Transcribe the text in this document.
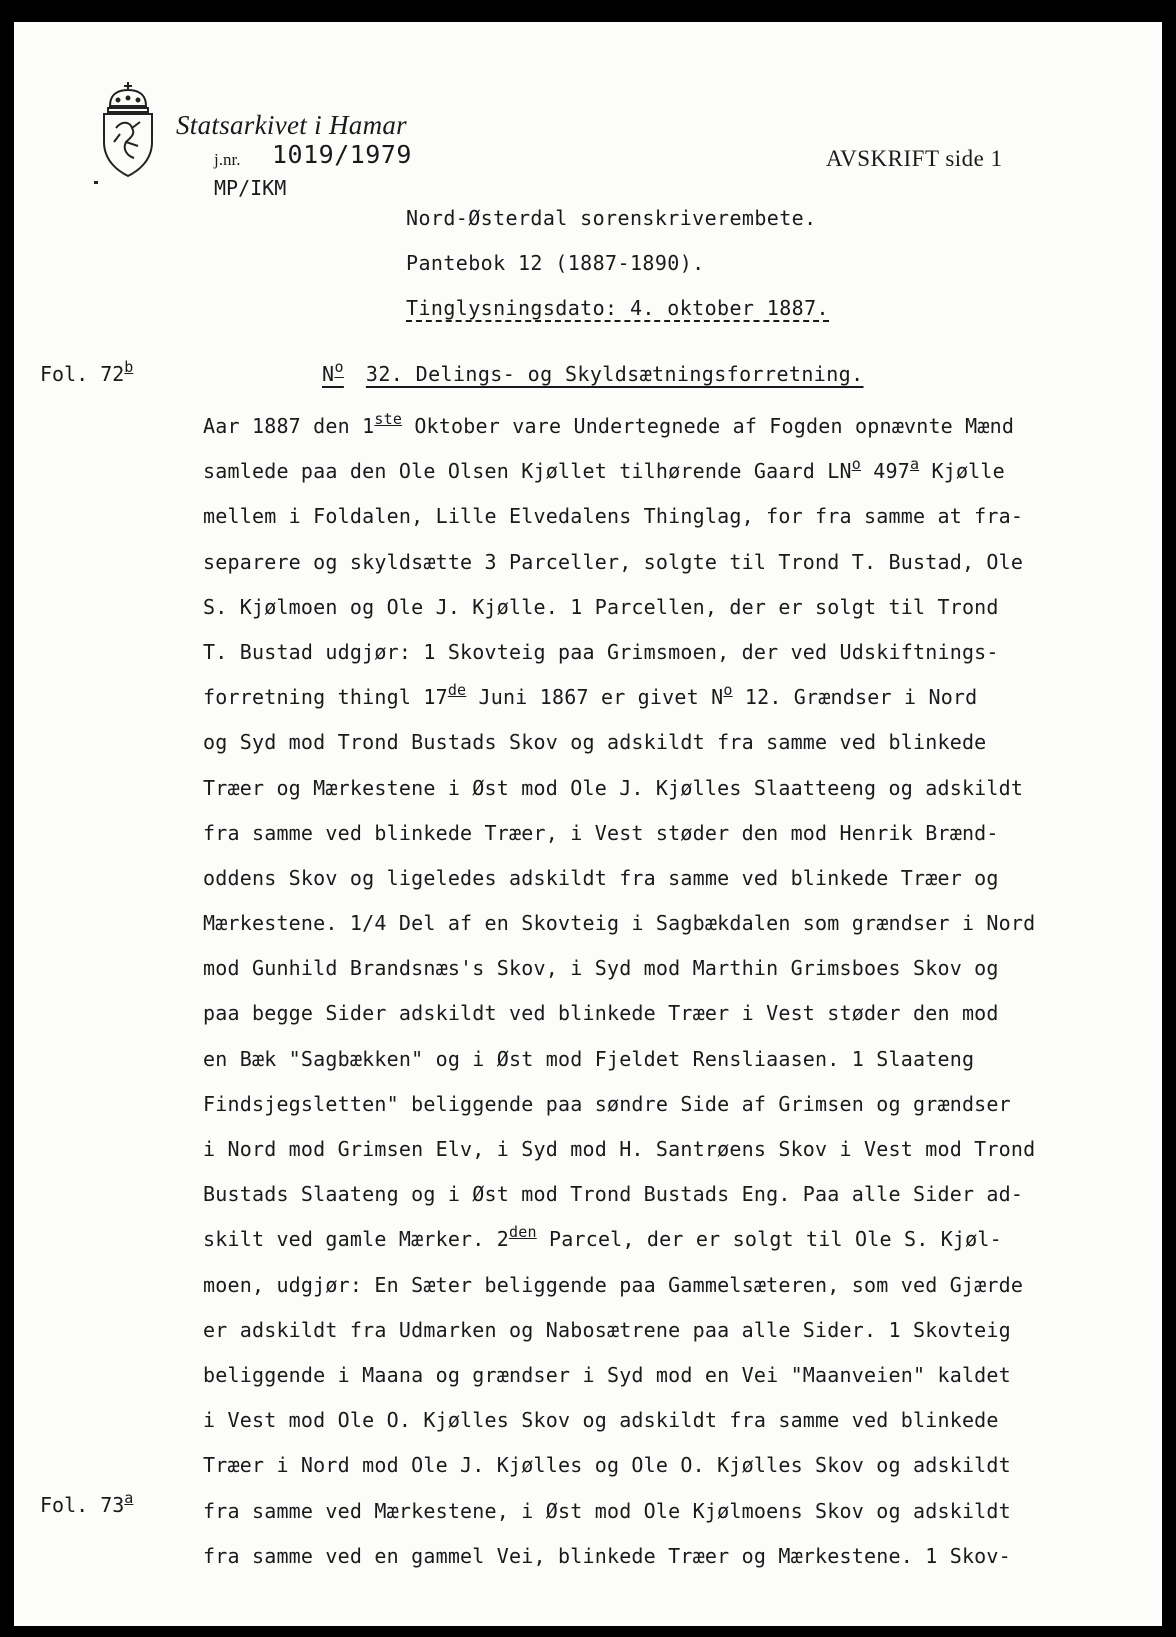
Statsarkivet i Hamar
j.nr. 1019/1979
MP/IKM
AVSKRIFT side 1
Nord-Østerdal sorenskriverembete.
Pantebok 12 (1887-1890).
Tinglysningsdato: 4. oktober 1887.
Fol. 72$^b$
Fol. 73$^a$
$N^o$ 32. Delings- og Skyldsætningsforretning.
Aar 1887 den 1ste Oktober vare Undertegnede af Fogden opnævnte Mænd
samlede paa den Ole Olsen Kjøllet tilhørende Gaard $LN^o$ 497$^a$ Kjølle
mellem i Foldalen, Lille Elvedalens Thinglag, for fra samme at fra-
separere og skyldsætte 3 Parceller, solgte til Trond T. Bustad, Ole
S. Kjølmoen og Ole J. Kjølle. 1 Parcellen, der er solgt til Trond
T. Bustad udgjør: 1 Skovteig paa Grimsmoen, der ved Udskiftnings-
forretning thingl 17de Juni 1867 er givet $N^o$ 12. Grændser i Nord
og Syd mod Trond Bustads Skov og adskildt fra samme ved blinkede
Træer og Mærkestene i Øst mod Ole J. Kjølles Slaatteeng og adskildt
fra samme ved blinkede Træer, i Vest støder den mod Henrik Brænd-
oddens Skov og ligeledes adskildt fra samme ved blinkede Træer og
Mærkestene. 1/4 Del af en Skovteig i Sagbækdalen som grændser i Nord
mod Gunhild Brandsnæs's Skov, i Syd mod Marthin Grimsboes Skov og
paa begge Sider adskildt ved blinkede Træer i Vest støder den mod
en Bæk "Sagbækken" og i Øst mod Fjeldet Rensliaasen. 1 Slaateng
Findsjegsletten" beliggende paa søndre Side af Grimsen og grændser
i Nord mod Grimsen Elv, i Syd mod H. Santrøens Skov i Vest mod Trond
Bustads Slaateng og i Øst mod Trond Bustads Eng. Paa alle Sider ad-
skilt ved gamle Mærker. $2^{den}$ Parcel, der er solgt til Ole S. Kjøl-
moen, udgjør: En Sæter beliggende paa Gammelsæteren, som ved Gjærde
er adskildt fra Udmarken og Nabosætrene paa alle Sider. 1 Skovteig
beliggende i Maana og grændser i Syd mod en Vei "Maanveien" kaldet
i Vest mod Ole O. Kjølles Skov og adskildt fra samme ved blinkede
Træer i Nord mod Ole J. Kjølles og Ole O. Kjølles Skov og adskildt
fra samme ved Mærkestene, i Øst mod Ole Kjølmoens Skov og adskildt
fra samme ved en gammel Vei, blinkede Træer og Mærkestene. 1 Skov-
